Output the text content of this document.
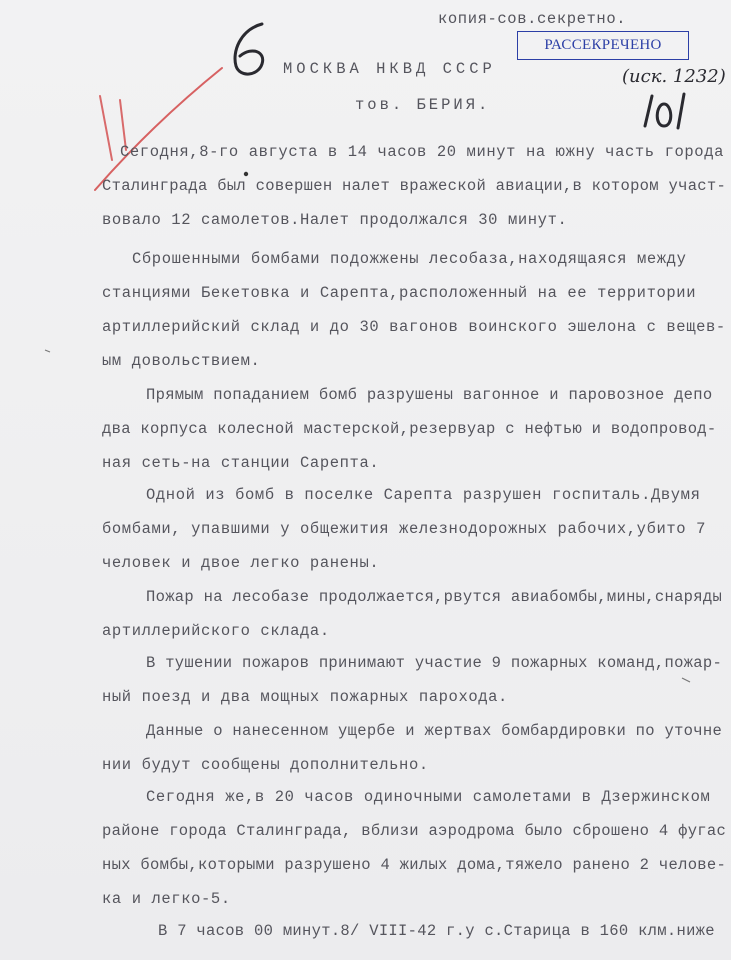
РАССЕКРЕЧЕНО
копия-сов.секретно.
(иск. 1232)
МОСКВА НКВД СССР
тов. БЕРИЯ.
Сегодня,8-го августа в 14 часов 20 минут на южну часть города
Сталинграда был совершен налет вражеской авиации,в котором участ-
вовало 12 самолетов.Налет продолжался 30 минут.
Сброшенными бомбами подожжены лесобаза,находящаяся между
станциями Бекетовка и Сарепта,расположенный на ее территории
артиллерийский склад и до 30 вагонов воинского эшелона с вещев-
ым довольствием.
Прямым попаданием бомб разрушены вагонное и паровозное депо
два корпуса колесной мастерской,резервуар с нефтью и водопровод-
ная сеть-на станции Сарепта.
Одной из бомб в поселке Сарепта разрушен госпиталь.Двумя
бомбами, упавшими у общежития железнодорожных рабочих,убито 7
человек и двое легко ранены.
Пожар на лесобазе продолжается,рвутся авиабомбы,мины,снаряды
артиллерийского склада.
В тушении пожаров принимают участие 9 пожарных команд,пожар-
ный поезд и два мощных пожарных парохода.
Данные о нанесенном ущербе и жертвах бомбардировки по уточне
нии будут сообщены дополнительно.
Сегодня же,в 20 часов одиночными самолетами в Дзержинском
районе города Сталинграда, вблизи аэродрома было сброшено 4 фугас
ных бомбы,которыми разрушено 4 жилых дома,тяжело ранено 2 челове-
ка и легко-5.
В 7 часов 00 минут.8/ VIII-42 г.у с.Старица в 160 клм.ниже
